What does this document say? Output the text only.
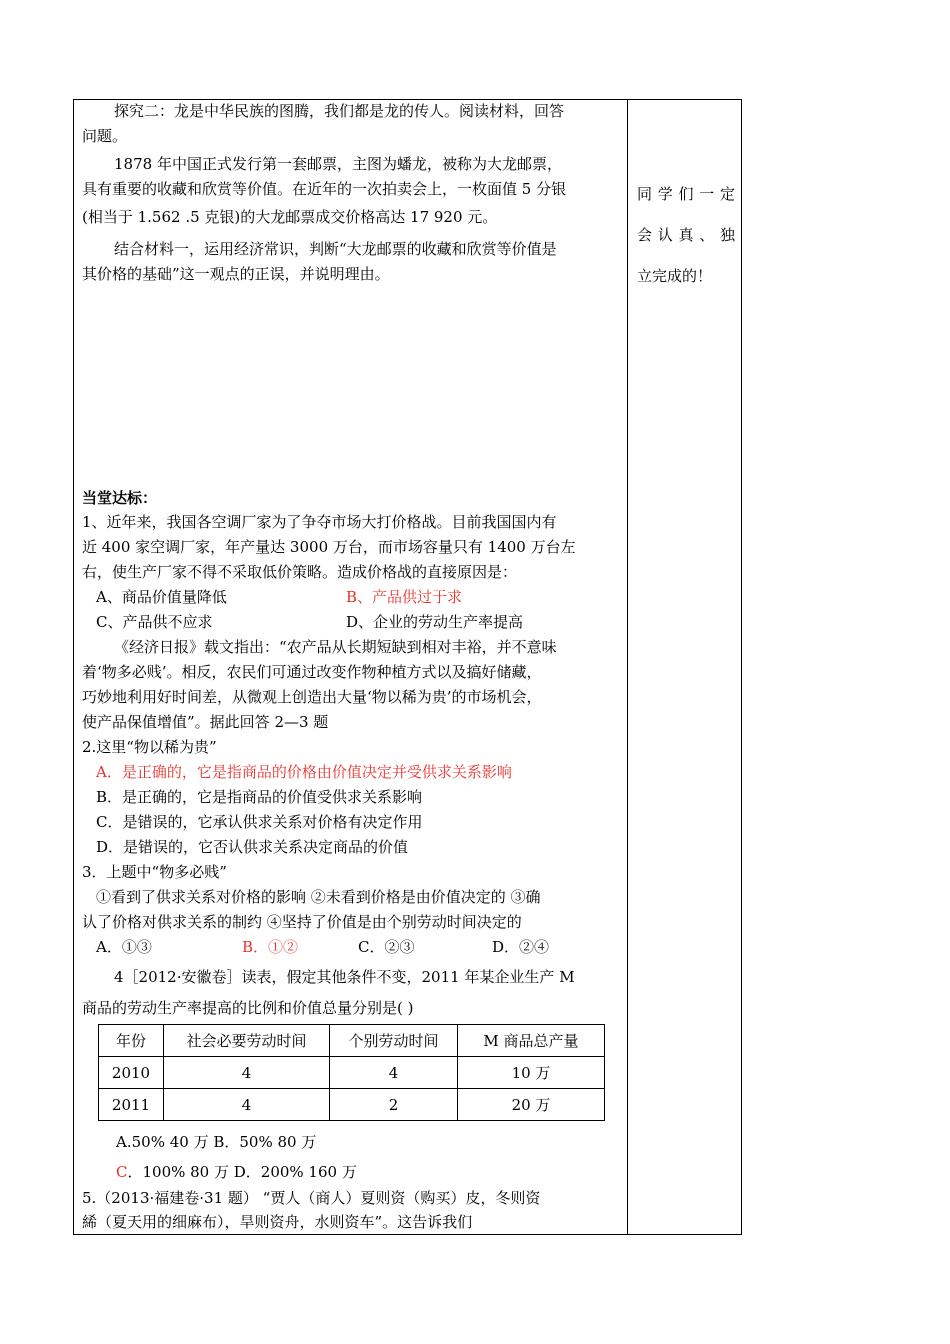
同学们一定
会认真、独
立完成的！
探究二：龙是中华民族的图腾，我们都是龙的传人。阅读材料，回答
问题。
1878 年中国正式发行第一套邮票，主图为蟠龙，被称为大龙邮票，
具有重要的收藏和欣赏等价值。在近年的一次拍卖会上，一枚面值 5 分银
(相当于 1.562 .5 克银)的大龙邮票成交价格高达 17 920 元。
结合材料一，运用经济常识，判断“大龙邮票的收藏和欣赏等价值是
其价格的基础”这一观点的正误，并说明理由。
当堂达标：
1、近年来，我国各空调厂家为了争夺市场大打价格战。目前我国国内有
近 400 家空调厂家，年产量达 3000 万台，而市场容量只有 1400 万台左
右，使生产厂家不得不采取低价策略。造成价格战的直接原因是：
A、商品价值量降低	B、产品供过于求
C、产品供不应求	D、企业的劳动生产率提高
《经济日报》载文指出：“农产品从长期短缺到相对丰裕，并不意味
着‘物多必贱’。相反，农民们可通过改变作物种植方式以及搞好储藏，
巧妙地利用好时间差，从微观上创造出大量‘物以稀为贵’的市场机会，
使产品保值增值”。据此回答 2—3 题
2.这里“物以稀为贵”
A．是正确的，它是指商品的价格由价值决定并受供求关系影响
B．是正确的，它是指商品的价值受供求关系影响
C．是错误的，它承认供求关系对价格有决定作用
D．是错误的，它否认供求关系决定商品的价值
3．上题中“物多必贱”
①看到了供求关系对价格的影响 ②未看到价格是由价值决定的 ③确
认了价格对供求关系的制约 ④坚持了价值是由个别劳动时间决定的
A．①③	B．①②	C．②③	D．②④
4［2012·安徽卷］读表，假定其他条件不变，2011 年某企业生产 M
商品的劳动生产率提高的比例和价值总量分别是( )
年份	社会必要劳动时间	个别劳动时间	M 商品总产量
2010	4	4	10 万
2011	4	2	20 万
A.50% 40 万 B．50% 80 万
C．100% 80 万 D．200% 160 万
5.（2013·福建卷·31 题） “贾人（商人）夏则资（购买）皮，冬则资
絺（夏天用的细麻布），旱则资舟，水则资车”。这告诉我们
